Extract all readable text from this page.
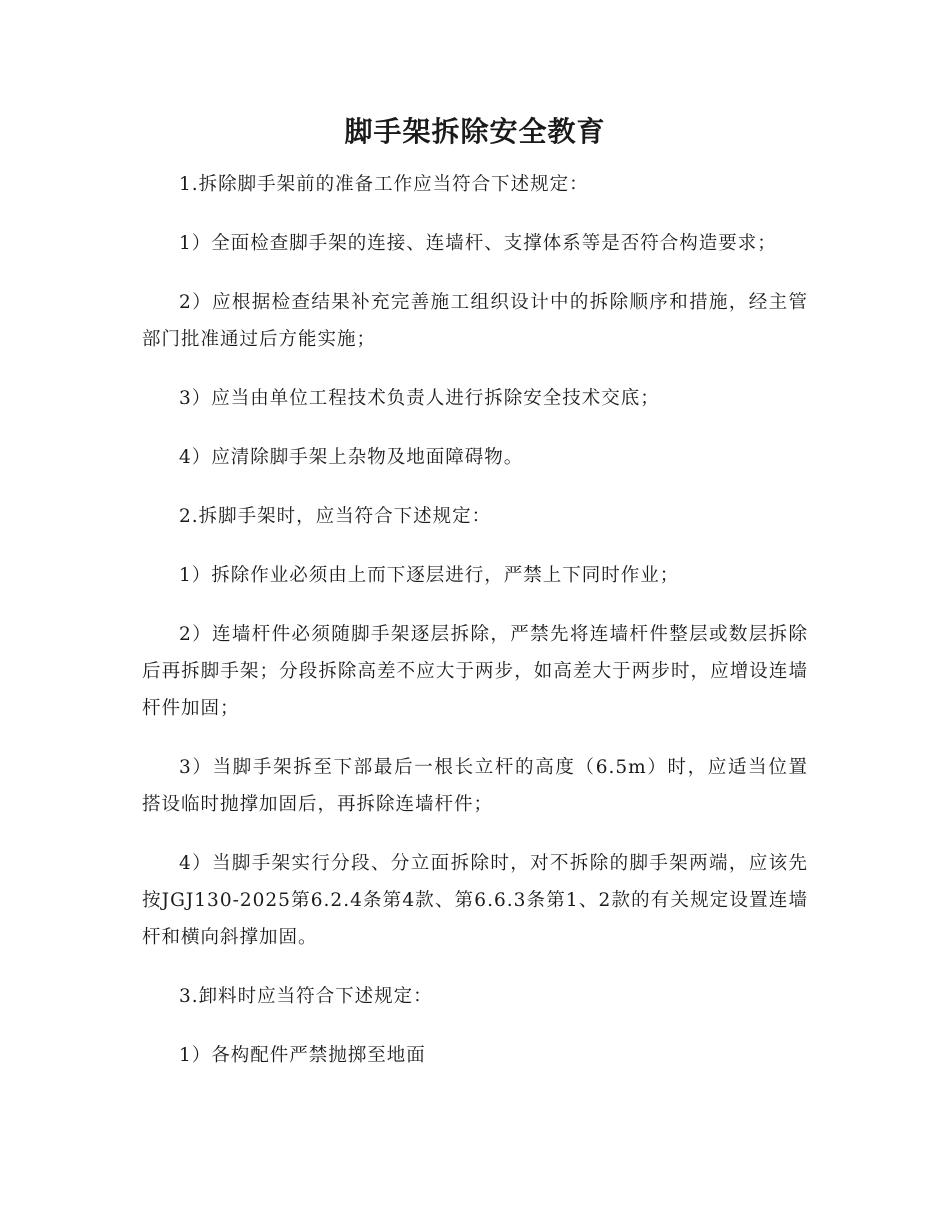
脚手架拆除安全教育

1.拆除脚手架前的准备工作应当符合下述规定：

1）全面检查脚手架的连接、连墙杆、支撑体系等是否符合构造要求；

2）应根据检查结果补充完善施工组织设计中的拆除顺序和措施，经主管部门批准通过后方能实施；

3）应当由单位工程技术负责人进行拆除安全技术交底；

4）应清除脚手架上杂物及地面障碍物。

2.拆脚手架时，应当符合下述规定：

1）拆除作业必须由上而下逐层进行，严禁上下同时作业；

2）连墙杆件必须随脚手架逐层拆除，严禁先将连墙杆件整层或数层拆除后再拆脚手架；分段拆除高差不应大于两步，如高差大于两步时，应增设连墙杆件加固；

3）当脚手架拆至下部最后一根长立杆的高度（6.5m）时，应适当位置搭设临时抛撑加固后，再拆除连墙杆件；

4）当脚手架实行分段、分立面拆除时，对不拆除的脚手架两端，应该先按JGJ130-2025第6.2.4条第4款、第6.6.3条第1、2款的有关规定设置连墙杆和横向斜撑加固。

3.卸料时应当符合下述规定：

1）各构配件严禁抛掷至地面
